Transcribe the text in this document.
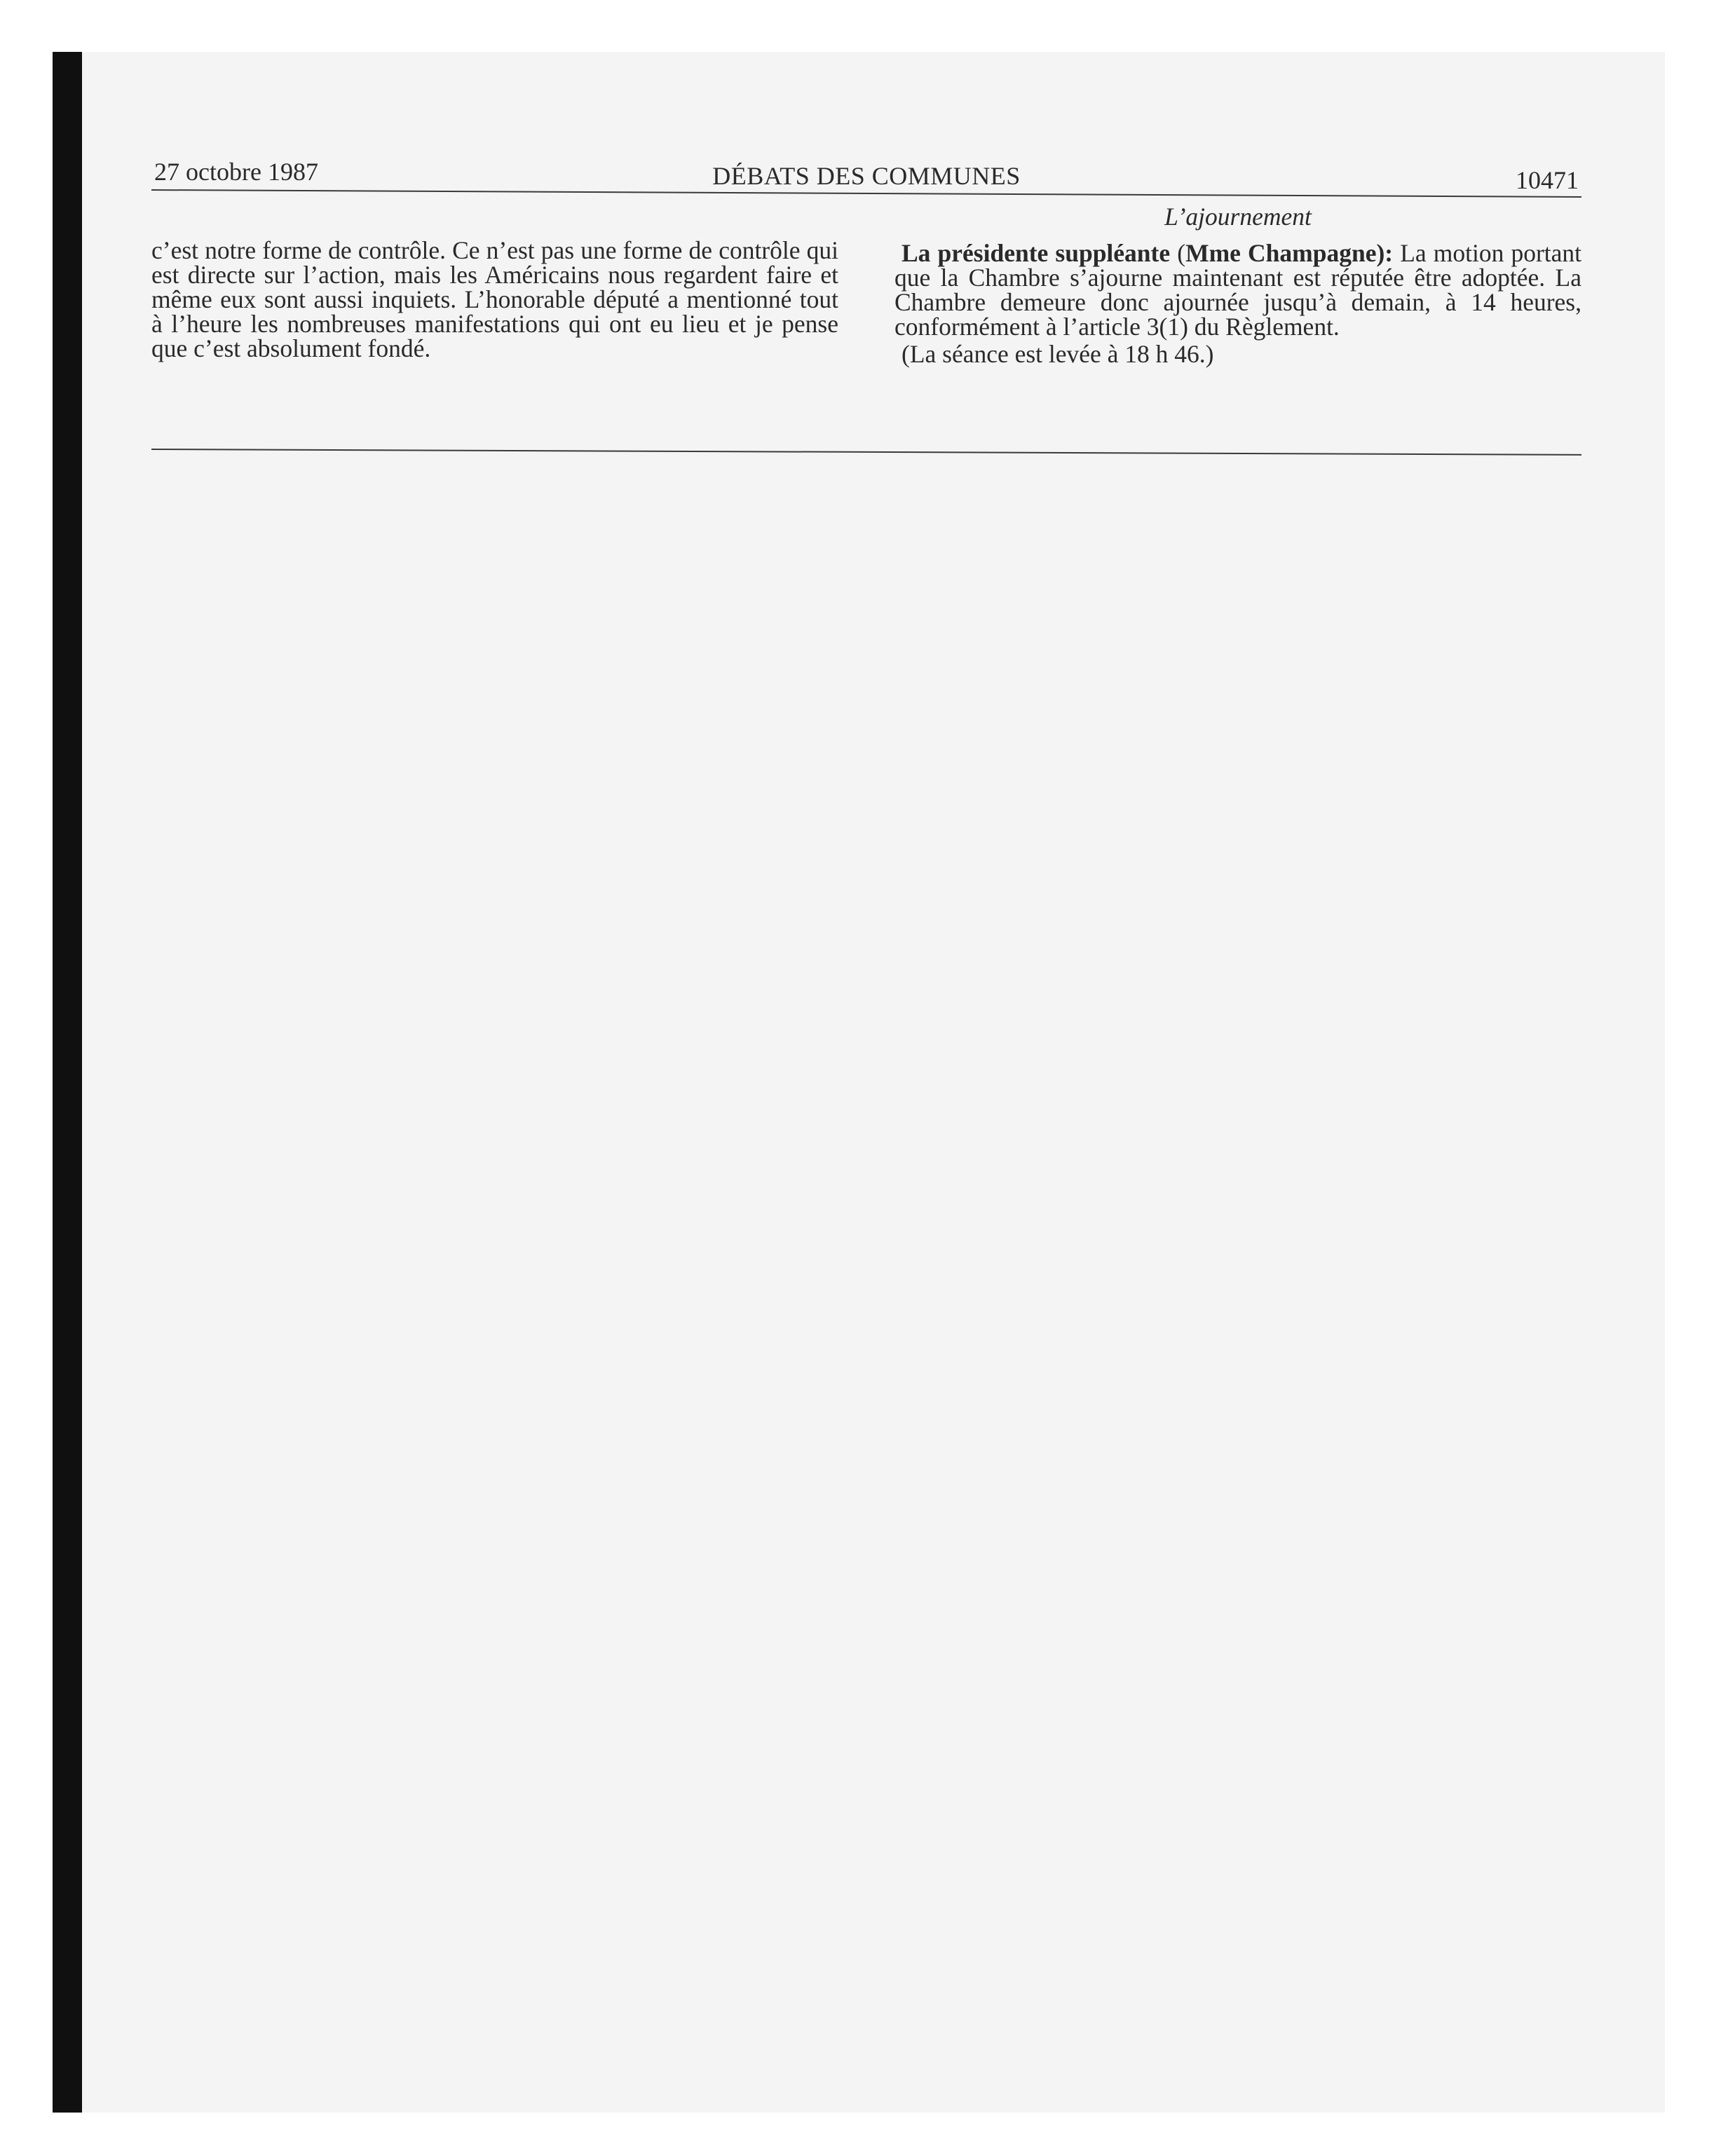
27 octobre 1987	DÉBATS DES COMMUNES	10471

c’est notre forme de contrôle. Ce n’est pas une forme de contrôle qui est directe sur l’action, mais les Américains nous regardent faire et même eux sont aussi inquiets. L’honorable député a mentionné tout à l’heure les nombreuses manifestations qui ont eu lieu et je pense que c’est absolument fondé.

L’ajournement

La présidente suppléante (Mme Champagne): La motion portant que la Chambre s’ajourne maintenant est réputée être adoptée. La Chambre demeure donc ajournée jusqu’à demain, à 14 heures, conformément à l’article 3(1) du Règlement.

(La séance est levée à 18 h 46.)
